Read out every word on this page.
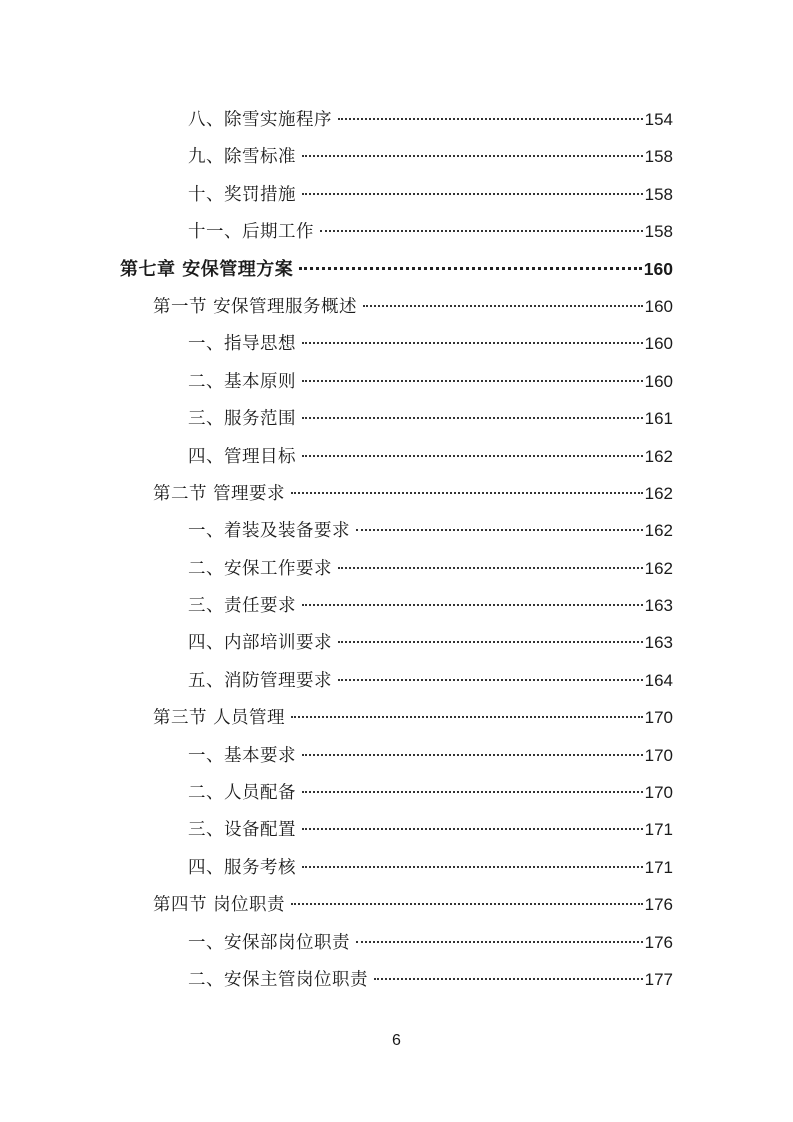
八、除雪实施程序	154
九、除雪标准	158
十、奖罚措施	158
十一、后期工作	158
第七章 安保管理方案	160
第一节 安保管理服务概述	160
一、指导思想	160
二、基本原则	160
三、服务范围	161
四、管理目标	162
第二节 管理要求	162
一、着装及装备要求	162
二、安保工作要求	162
三、责任要求	163
四、内部培训要求	163
五、消防管理要求	164
第三节 人员管理	170
一、基本要求	170
二、人员配备	170
三、设备配置	171
四、服务考核	171
第四节 岗位职责	176
一、安保部岗位职责	176
二、安保主管岗位职责	177
6
